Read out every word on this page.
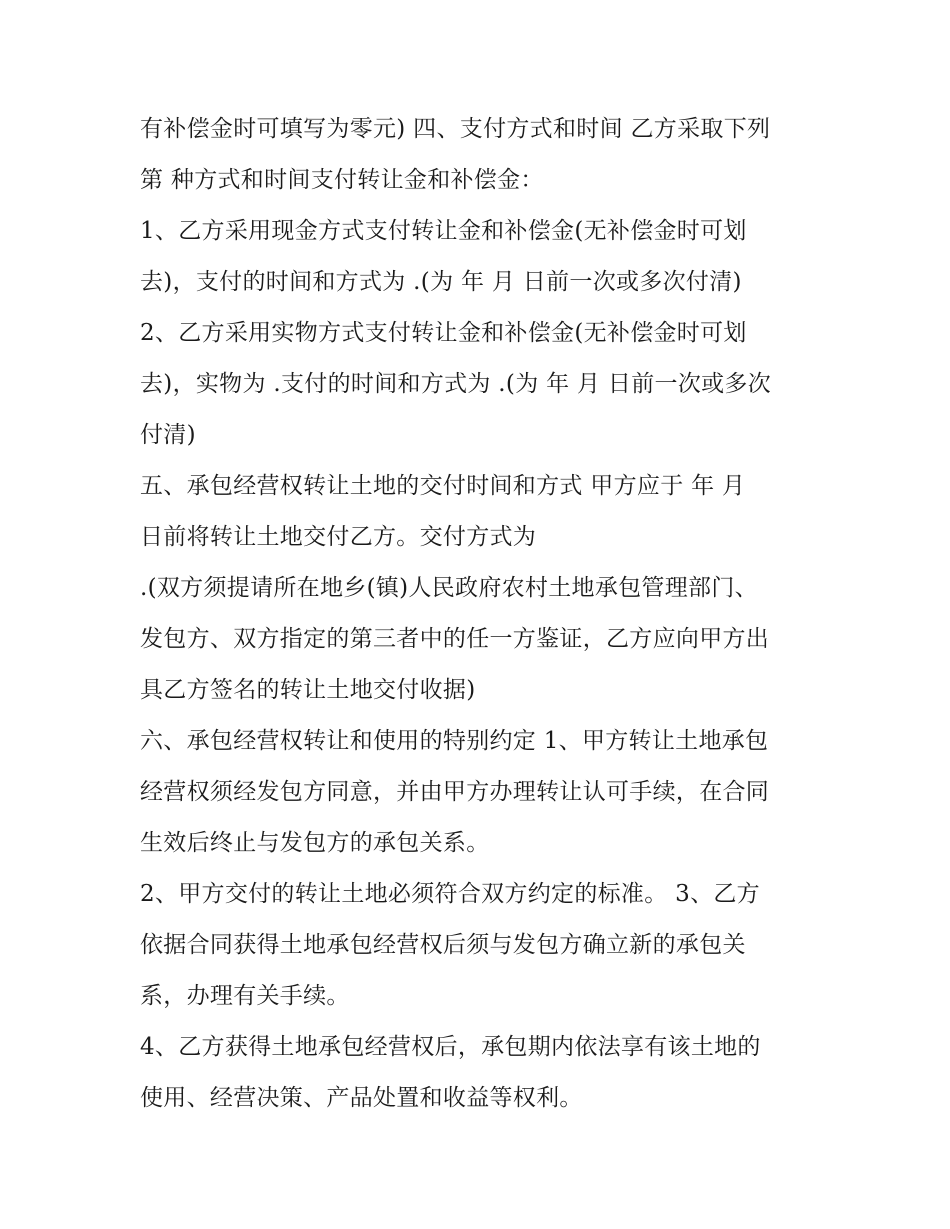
有补偿金时可填写为零元) 四、支付方式和时间 乙方采取下列
第 种方式和时间支付转让金和补偿金：
1、乙方采用现金方式支付转让金和补偿金(无补偿金时可划
去)，支付的时间和方式为 .(为 年 月 日前一次或多次付清)
2、乙方采用实物方式支付转让金和补偿金(无补偿金时可划
去)，实物为 .支付的时间和方式为 .(为 年 月 日前一次或多次
付清)
五、承包经营权转让土地的交付时间和方式 甲方应于 年 月
日前将转让土地交付乙方。交付方式为
.(双方须提请所在地乡(镇)人民政府农村土地承包管理部门、
发包方、双方指定的第三者中的任一方鉴证，乙方应向甲方出
具乙方签名的转让土地交付收据)
六、承包经营权转让和使用的特别约定 1、甲方转让土地承包
经营权须经发包方同意，并由甲方办理转让认可手续，在合同
生效后终止与发包方的承包关系。
2、甲方交付的转让土地必须符合双方约定的标准。 3、乙方
依据合同获得土地承包经营权后须与发包方确立新的承包关
系，办理有关手续。
4、乙方获得土地承包经营权后，承包期内依法享有该土地的
使用、经营决策、产品处置和收益等权利。
